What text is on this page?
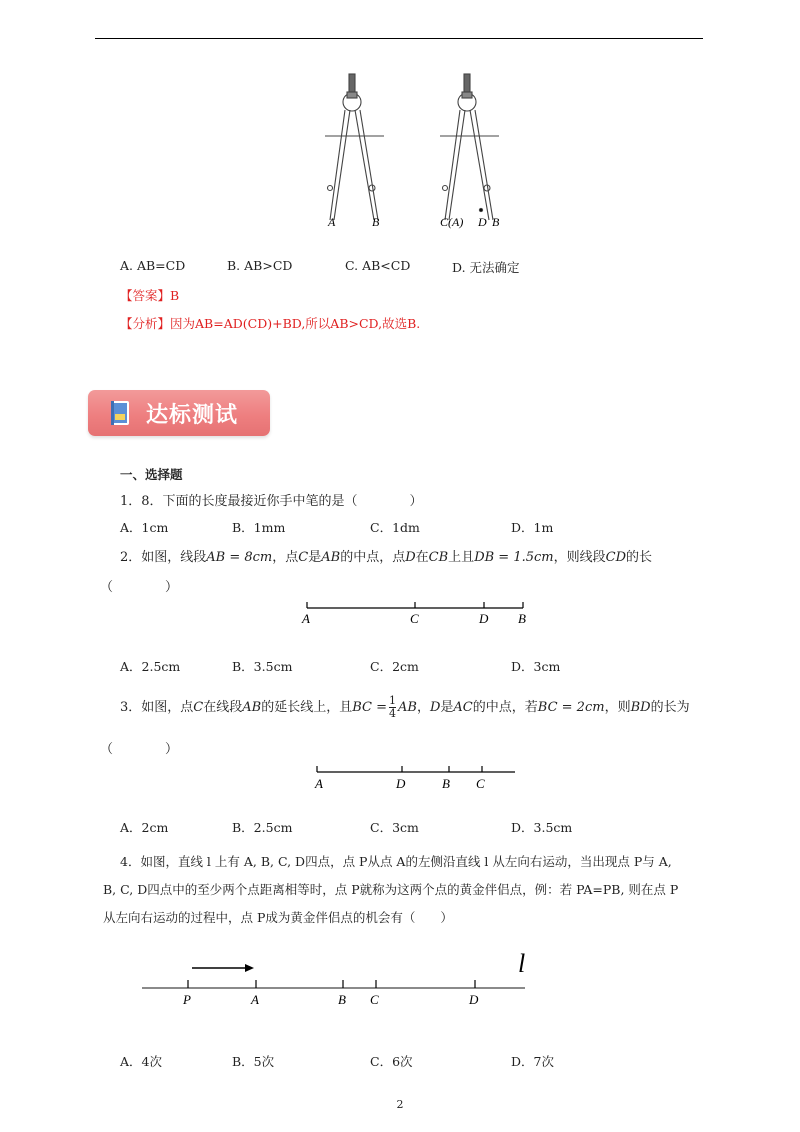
A	B	C(A) D B
A. AB=CD	B. AB>CD	C. AB<CD	D. 无法确定
【答案】B
【分析】因为AB=AD(CD)+BD,所以AB>CD,故选B.
达标测试
一、选择题
1．8．下面的长度最接近你手中笔的是（　　　　）
A．1cm	B．1mm	C．1dm	D．1m
2．如图，线段AB = 8cm，点C是AB的中点，点D在CB上且DB = 1.5cm，则线段CD的长
（　　　　）
A	C	D B
A．2.5cm	B．3.5cm	C．2cm	D．3cm
3．如图，点C在线段AB的延长线上，且BC = $\frac{1}{4}$ AB，D是AC的中点，若BC = 2cm，则BD的长为
（　　　　）
A	D	B C
A．2cm	B．2.5cm	C．3cm	D．3.5cm
4．如图，直线 l 上有 A, B, C, D四点，点 P从点 A的左侧沿直线 l 从左向右运动，当出现点 P与 A,
B, C, D四点中的至少两个点距离相等时，点 P就称为这两个点的黄金伴侣点，例：若 PA=PB, 则在点 P
从左向右运动的过程中，点 P成为黄金伴侣点的机会有（　　）
l
P	A	B C	D
A．4次	B．5次	C．6次	D．7次
2
